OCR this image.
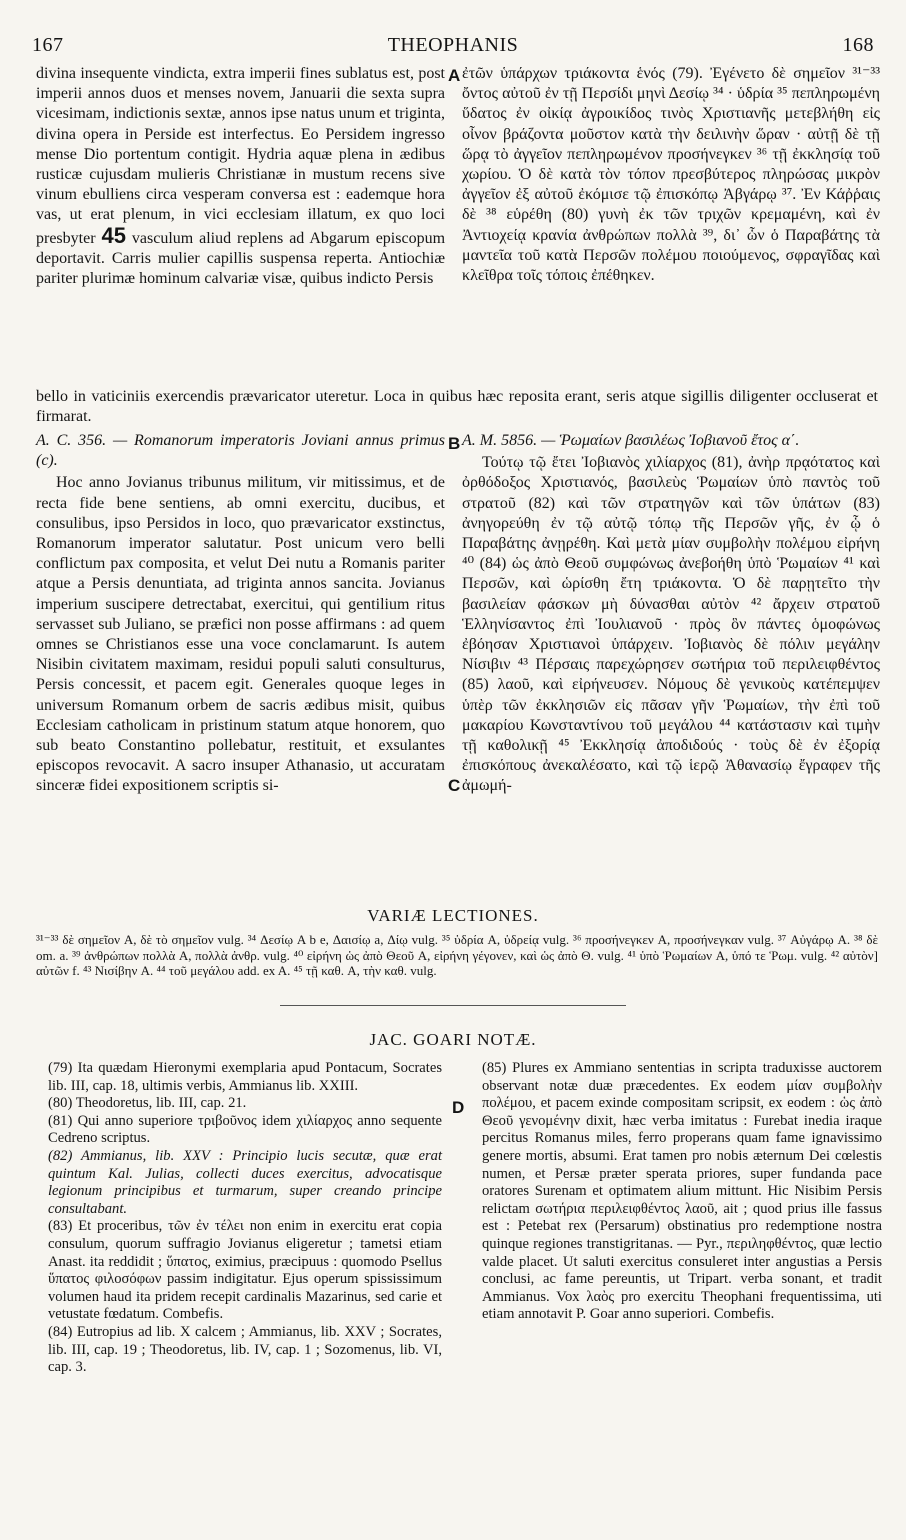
167	THEOPHANIS	168

divina insequente vindicta, extra imperii fines sublatus est, post imperii annos duos et menses novem, Januarii die sexta supra vicesimam, indictionis sextæ, annos ipse natus unum et triginta, divina opera in Perside est interfectus. Eo Persidem ingresso mense Dio portentum contigit. Hydria aquæ plena in ædibus rusticæ cujusdam mulieris Christianæ in mustum recens sive vinum ebulliens circa vesperam conversa est : eademque hora vas, ut erat plenum, in vici ecclesiam illatum, ex quo loci presbyter 45 vasculum aliud replens ad Abgarum episcopum deportavit. Carris mulier capillis suspensa reperta. Antiochiæ pariter plurimæ hominum calvariæ visæ, quibus indicto Persis

ἐτῶν ὑπάρχων τριάκοντα ἑνός (79). Ἐγένετο δὲ σημεῖον ³¹⁻³³ ὄντος αὐτοῦ ἐν τῇ Περσίδι μηνὶ Δεσίῳ ³⁴ · ὑδρία ³⁵ πεπληρωμένη ὕδατος ἐν οἰκίᾳ ἀγροικίδος τινὸς Χριστιανῆς μετεβλήθη εἰς οἶνον βράζοντα μοῦστον κατὰ τὴν δειλινὴν ὥραν · αὐτῇ δὲ τῇ ὥρᾳ τὸ ἀγγεῖον πεπληρωμένον προσήνεγκεν ³⁶ τῇ ἐκκλησίᾳ τοῦ χωρίου. Ὁ δὲ κατὰ τὸν τόπον πρεσβύτερος πληρώσας μικρὸν ἀγγεῖον ἐξ αὐτοῦ ἐκόμισε τῷ ἐπισκόπῳ Ἀβγάρῳ ³⁷. Ἐν Κάῤῥαις δὲ ³⁸ εὑρέθη (80) γυνὴ ἐκ τῶν τριχῶν κρεμαμένη, καὶ ἐν Ἀντιοχείᾳ κρανία ἀνθρώπων πολλὰ ³⁹, δι᾽ ὧν ὁ Παραβάτης τὰ μαντεῖα τοῦ κατὰ Περσῶν πολέμου ποιούμενος, σφραγῖδας καὶ κλεῖθρα τοῖς τόποις ἐπέθηκεν.

bello in vaticiniis exercendis prævaricator uteretur. Loca in quibus hæc reposita erant, seris atque sigillis diligenter occluserat et firmarat.

A. C. 356. — Romanorum imperatoris Joviani annus primus (c).

Hoc anno Jovianus tribunus militum, vir mitissimus, et de recta fide bene sentiens, ab omni exercitu, ducibus, et consulibus, ipso Persidos in loco, quo prævaricator exstinctus, Romanorum imperator salutatur. Post unicum vero belli conflictum pax composita, et velut Dei nutu a Romanis pariter atque a Persis denuntiata, ad triginta annos sancita. Jovianus imperium suscipere detrectabat, exercitui, qui gentilium ritus servasset sub Juliano, se præfici non posse affirmans : ad quem omnes se Christianos esse una voce conclamarunt. Is autem Nisibin civitatem maximam, residui populi saluti consulturus, Persis concessit, et pacem egit. Generales quoque leges in universum Romanum orbem de sacris ædibus misit, quibus Ecclesiam catholicam in pristinum statum atque honorem, quo sub beato Constantino pollebatur, restituit, et exsulantes episcopos revocavit. A sacro insuper Athanasio, ut accuratam sinceræ fidei expositionem scriptis si-

A. M. 5856. — Ῥωμαίων βασιλέως Ἰοβιανοῦ ἔτος α΄.

Τούτῳ τῷ ἔτει Ἰοβιανὸς χιλίαρχος (81), ἀνὴρ πρᾳότατος καὶ ὀρθόδοξος Χριστιανός, βασιλεὺς Ῥωμαίων ὑπὸ παντὸς τοῦ στρατοῦ (82) καὶ τῶν στρατηγῶν καὶ τῶν ὑπάτων (83) ἀνηγορεύθη ἐν τῷ αὐτῷ τόπῳ τῆς Περσῶν γῆς, ἐν ᾧ ὁ Παραβάτης ἀνῃρέθη. Καὶ μετὰ μίαν συμβολὴν πολέμου εἰρήνη ⁴⁰ (84) ὡς ἀπὸ Θεοῦ συμφώνως ἀνεβοήθη ὑπὸ Ῥωμαίων ⁴¹ καὶ Περσῶν, καὶ ὡρίσθη ἔτη τριάκοντα. Ὁ δὲ παρῃτεῖτο τὴν βασιλείαν φάσκων μὴ δύνασθαι αὐτὸν ⁴² ἄρχειν στρατοῦ Ἑλληνίσαντος ἐπὶ Ἰουλιανοῦ · πρὸς ὃν πάντες ὁμοφώνως ἐβόησαν Χριστιανοὶ ὑπάρχειν. Ἰοβιανὸς δὲ πόλιν μεγάλην Νίσιβιν ⁴³ Πέρσαις παρεχώρησεν σωτήρια τοῦ περιλειφθέντος (85) λαοῦ, καὶ εἰρήνευσεν. Νόμους δὲ γενικοὺς κατέπεμψεν ὑπὲρ τῶν ἐκκλησιῶν εἰς πᾶσαν γῆν Ῥωμαίων, τὴν ἐπὶ τοῦ μακαρίου Κωνσταντίνου τοῦ μεγάλου ⁴⁴ κατάστασιν καὶ τιμὴν τῇ καθολικῇ ⁴⁵ Ἐκκλησίᾳ ἀποδιδούς · τοὺς δὲ ἐν ἐξορίᾳ ἐπισκόπους ἀνεκαλέσατο, καὶ τῷ ἱερῷ Ἀθανασίῳ ἔγραφεν τῆς ἀμωμή-

A
B
C
D
VARIÆ LECTIONES.

³¹⁻³³ δὲ σημεῖον A, δὲ τὸ σημεῖον vulg. ³⁴ Δεσίῳ A b e, Δαισίῳ a, Δίῳ vulg. ³⁵ ὑδρία A, ὑδρείᾳ vulg. ³⁶ προσήνεγκεν A, προσήνεγκαν vulg. ³⁷ Αὐγάρῳ A. ³⁸ δὲ om. a. ³⁹ ἀνθρώπων πολλὰ A, πολλὰ ἀνθρ. vulg. ⁴⁰ εἰρήνη ὡς ἀπὸ Θεοῦ A, εἰρήνη γέγονεν, καὶ ὡς ἀπὸ Θ. vulg. ⁴¹ ὑπὸ Ῥωμαίων A, ὑπό τε Ῥωμ. vulg. ⁴² αὐτὸν] αὐτῶν f. ⁴³ Νισίβην A. ⁴⁴ τοῦ μεγάλου add. ex A. ⁴⁵ τῇ καθ. A, τὴν καθ. vulg.

JAC. GOARI NOTÆ.

(79) Ita quædam Hieronymi exemplaria apud Pontacum, Socrates lib. III, cap. 18, ultimis verbis, Ammianus lib. XXIII.

(80) Theodoretus, lib. III, cap. 21.

(81) Qui anno superiore τριβοῦνος idem χιλίαρχος anno sequente Cedreno scriptus.

(82) Ammianus, lib. XXV : Principio lucis secutæ, quæ erat quintum Kal. Julias, collecti duces exercitus, advocatisque legionum principibus et turmarum, super creando principe consultabant.

(83) Et proceribus, τῶν ἐν τέλει non enim in exercitu erat copia consulum, quorum suffragio Jovianus eligeretur ; tametsi etiam Anast. ita reddidit ; ὕπατος, eximius, præcipuus : quomodo Psellus ὕπατος φιλοσόφων passim indigitatur. Ejus operum spississimum volumen haud ita pridem recepit cardinalis Mazarinus, sed carie et vetustate fœdatum. Combefis.

(84) Eutropius ad lib. X calcem ; Ammianus, lib. XXV ; Socrates, lib. III, cap. 19 ; Theodoretus, lib. IV, cap. 1 ; Sozomenus, lib. VI, cap. 3.

(85) Plures ex Ammiano sententias in scripta traduxisse auctorem observant notæ duæ præcedentes. Ex eodem μίαν συμβολὴν πολέμου, et pacem exinde compositam scripsit, ex eodem : ὡς ἀπὸ Θεοῦ γενομένην dixit, hæc verba imitatus : Furebat inedia iraque percitus Romanus miles, ferro properans quam fame ignavissimo genere mortis, absumi. Erat tamen pro nobis æternum Dei cœlestis numen, et Persæ præter sperata priores, super fundanda pace oratores Surenam et optimatem alium mittunt. Hic Nisibim Persis relictam σωτήρια περιλειφθέντος λαοῦ, ait ; quod prius ille fassus est : Petebat rex (Persarum) obstinatius pro redemptione nostra quinque regiones transtigritanas. — Pyr., περιληφθέντος, quæ lectio valde placet. Ut saluti exercitus consuleret inter angustias a Persis conclusi, ac fame pereuntis, ut Tripart. verba sonant, et tradit Ammianus. Vox λαὸς pro exercitu Theophani frequentissima, uti etiam annotavit P. Goar anno superiori. Combefis.
